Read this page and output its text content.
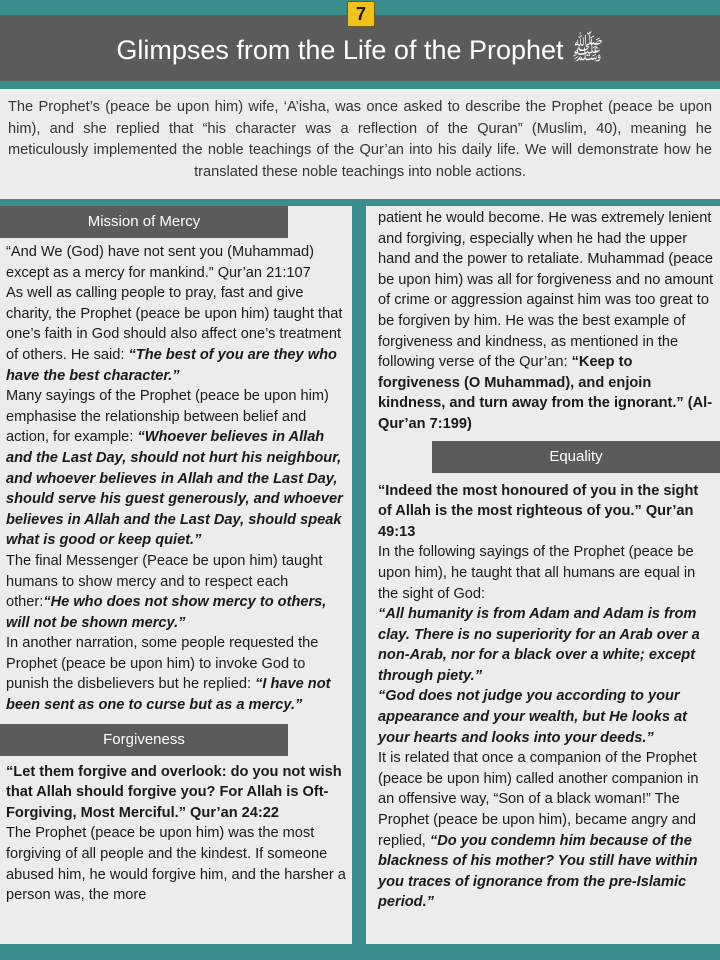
7
Glimpses from the Life of the Prophet ﷺ
The Prophet’s (peace be upon him) wife, ‘A’isha, was once asked to describe the Prophet (peace be upon him), and she replied that “his character was a reflection of the Quran” (Muslim, 40), meaning he meticulously implemented the noble teachings of the Qur’an into his daily life. We will demonstrate how he translated these noble teachings into noble actions.
Mission of Mercy

“And We (God) have not sent you (Muhammad) except as a mercy for mankind.” Qur’an 21:107

As well as calling people to pray, fast and give charity, the Prophet (peace be upon him) taught that one’s faith in God should also affect one’s treatment of others. He said: “The best of you are they who have the best character.”

Many sayings of the Prophet (peace be upon him) emphasise the relationship between belief and action, for example: “Whoever believes in Allah and the Last Day, should not hurt his neighbour, and whoever believes in Allah and the Last Day, should serve his guest generously, and whoever believes in Allah and the Last Day, should speak what is good or keep quiet.”

The final Messenger (Peace be upon him) taught humans to show mercy and to respect each other:“He who does not show mercy to others, will not be shown mercy.”

In another narration, some people requested the Prophet (peace be upon him) to invoke God to punish the disbelievers but he replied: “I have not been sent as one to curse but as a mercy.”

Forgiveness

“Let them forgive and overlook: do you not wish that Allah should forgive you? For Allah is Oft-Forgiving, Most Merciful.” Qur’an 24:22

The Prophet (peace be upon him) was the most forgiving of all people and the kindest. If someone abused him, he would forgive him, and the harsher a person was, the more

patient he would become. He was extremely lenient and forgiving, especially when he had the upper hand and the power to retaliate. Muhammad (peace be upon him) was all for forgiveness and no amount of crime or aggression against him was too great to be forgiven by him. He was the best example of forgiveness and kindness, as mentioned in the following verse of the Qur’an: “Keep to forgiveness (O Muhammad), and enjoin kindness, and turn away from the ignorant.” (Al-Qur’an 7:199)

Equality

“Indeed the most honoured of you in the sight of Allah is the most righteous of you.” Qur’an 49:13

In the following sayings of the Prophet (peace be upon him), he taught that all humans are equal in the sight of God:

“All humanity is from Adam and Adam is from clay. There is no superiority for an Arab over a non-Arab, nor for a black over a white; except through piety.”

“God does not judge you according to your appearance and your wealth, but He looks at your hearts and looks into your deeds.”

It is related that once a companion of the Prophet (peace be upon him) called another companion in an offensive way, “Son of a black woman!” The Prophet (peace be upon him), became angry and replied, “Do you condemn him because of the blackness of his mother? You still have within you traces of ignorance from the pre-Islamic period.”
